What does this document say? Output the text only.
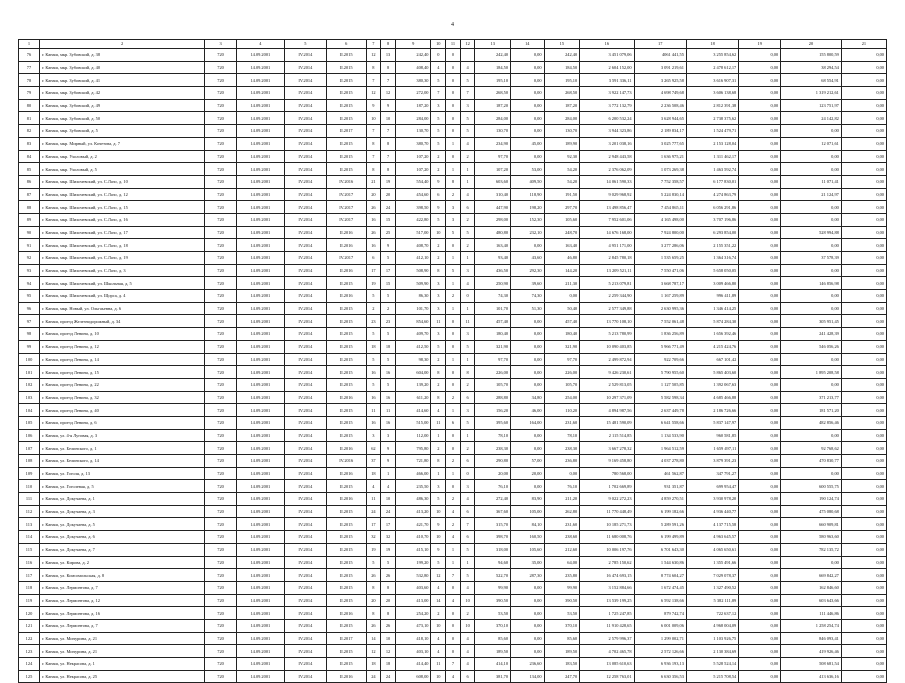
4
1	2	3	4	5	6	7	8	9	10	11	12	13	14	15	16	17	18	19	20	21
76	г. Канаш, мкр. Зубовский, д. 38	720	14.09.2001	IV.2014	II.2015	12	13	242,40	0	0		242,40	0,00	242,40	3 451 079,06	4061 441,55	3 255 854,62	0,00	155 800,59	0,00
77	г. Канаш, мкр. Зубовский, д. 40	720	14.09.2001	IV.2014	II.2015	8	8	408,40	4	0	4	184,50	0,00	184,50	2 604 152,00	3 091 219,61	2 478 612,17	0,00	38 294,54	0,00
78	г. Канаш, мкр. Зубовский, д. 41	720	14.09.2001	IV.2014	II.2015	7	7	380,30	5	0	5	195,10	0,00	195,10	3 591 336,11	3 265 925,58	3 616 907,31	0,00	68 554,91	0,00
79	г. Канаш, мкр. Зубовский, д. 42	720	14.09.2001	IV.2014	II.2015	12	12	272,00	7	0	7	268,50	0,00	268,50	3 922 147,73	4 698 749,68	3 606 138,68	0,00	1 319 212,61	0,00
80	г. Канаш, мкр. Зубовский, д. 49	720	14.09.2001	IV.2014	II.2015	9	9	187,20	3	0	3	187,20	0,00	187,20	3 772 132,79	2 236 508,46	2 812 391,38	0,00	123 751,97	0,00
81	г. Канаш, мкр. Зубовский, д. 50	720	14.09.2001	IV.2014	II.2015	10	10	284,00	5	0	5	284,00	0,00	284,00	6 200 532,24	3 628 944,65	2 738 375,62	0,00	24 142,82	0,00
82	г. Канаш, мкр. Зубовский, д. 5	720	14.09.2001	IV.2014	II.2017	7	7	130,70	5	0	5	130,70	0,00	130,70	3 944 323,86	2 189 834,17	1 524 479,71	0,00	0,00	0,00
83	г. Канаш, мкр. Мирный, ул. Кочетова, д. 7	720	14.09.2001	IV.2014	II.2015	8	8	380,70	5	1	4	234,90	45,00	189,90	3 201 038,16	3 025 777,65	2 153 128,04	0,00	12 071,61	0,00
84	г. Канаш, мкр. Ухоловый, д. 2	720	14.09.2001	IV.2014	II.2015	7	7	107,20	2	0	2	97,70	0,00	92,30	2 948 443,58	1 636 975,21	1 311 462,17	0,00	0,00	0,00
85	г. Канаш, мкр. Ухоловый, д. 5	720	14.09.2001	IV.2014	II.2015	8	8	107,20	2	1	1	107,20	53,00	54,20	2 376 062,09	1 073 269,38	1 463 592,74	0,00	0,00	0,00
86	г. Канаш, мкр. Шихочевский, ул. С.Лазо, д. 10	720	14.09.2001	IV.2014	IV.2016	21	19	554,40	9	8	1	603,60	409,50	54,20	14 061 590,33	7 752 358,57	6 177 830,01	0,00	11 071,41	0,00
87	г. Канаш, мкр. Шихочевский, ул. С.Лазо, д. 12	720	14.09.2001	IV.2014	IV.2017	20	20	454,60	6	2	4	310,40	118,90	191,50	9 029 968,92	5 224 830,14	4 274 863,79	0,00	21 124,97	0,00
88	г. Канаш, мкр. Шихочевский, ул. С.Лазо, д. 15	720	14.09.2001	IV.2014	IV.2017	26	24	398,50	9	3	6	447,90	198,20	297,70	13 498 856,47	7 454 865,11	6 056 291,86	0,00	0,00	0,00
89	г. Канаш, мкр. Шихочевский, ул. С.Лазо, д. 16	720	14.09.2001	IV.2014	IV.2017	16	15	422,80	5	3	2	298,00	152,30	105,60	7 952 601,06	4 165 498,00	3 707 196,86	0,00	0,00	0,00
90	г. Канаш, мкр. Шихочевский, ул. С.Лазо, д. 17	720	14.09.2001	IV.2014	II.2016	26	25	517,00	10	5	5	480,80	232,10	248,70	14 676 168,00	7 924 800,00	6 293 854,00	0,00	528 994,88	0,00
91	г. Канаш, мкр. Шихочевский, ул. С.Лазо, д. 18	720	14.09.2001	IV.2014	II.2016	16	9	408,70	2	0	2	163,40	0,00	163,40	4 951 171,00	3 277 286,06	2 155 351,22	0,00	0,00	0,00
92	г. Канаш, мкр. Шихочевский, ул. С.Лазо, д. 19	720	14.09.2001	IV.2014	IV.2017	6	5	412,10	2	1	1	93,40	43,60	46,80	2 845 780,18	1 535 659,25	1 364 316,74	0,00	37 578,39	0,00
93	г. Канаш, мкр. Шихочевский, ул. С.Лазо, д. 3	720	14.09.2001	IV.2014	II.2016	17	17	508,90	8	5	3	436,50	292,30	144,20	13 209 521,11	7 550 471,06	5 658 050,05	0,00	0,00	0,00
94	г. Канаш, мкр. Шихочевский, ул. Школьная, д. 5	720	14.09.2001	IV.2014	II.2015	19	15	509,90	3	1	4	250,90	39,60	211,30	5 213 079,81	3 668 787,17	3 009 466,80	0,00	146 856,98	0,00
95	г. Канаш, мкр. Шихочевский, ул. Щорса, д. 4	720	14.09.2001	IV.2014	II.2016	5	5	86,30	3	2	0	74,30	74,30	0,00	2 259 344,90	1 167 259,89	996 411,89	0,00	0,00	0,00
96	г. Канаш, мкр. Новый, ул. Ольгаьевна, д. 6	720	14.09.2001	IV.2014	II.2015	2	2	101,70	3	1	1	101,70	51,30	50,40	2 577 349,88	2 630 995,36	1 346 414,25	0,00	0,00	0,00
97	г. Канаш, проезд Железнодорожный, д. 34	720	14.09.2001	IV.2014	II.2015	23	23	854,60	11	0	11	457,40	0,00	457,40	13 770 108,10	7 552 061,48	5 874 284,30	0,00	305 951,45	0,00
98	г. Канаш, проезд Ленина, д. 10	720	14.09.2001	IV.2014	II.2015	5	5	409,70	3	0	3	180,40	0,00	180,40	5 213 780,99	1 836 256,89	1 656 392,46	0,00	241 428,39	0,00
99	г. Канаш, проезд Ленина, д. 12	720	14.09.2001	IV.2014	II.2015	18	18	412,50	5	0	5	321,90	0,00	321,90	10 090 403,85	5 966 771,49	4 215 424,76	0,00	546 056,26	0,00
100	г. Канаш, проезд Ленина, д. 14	720	14.09.2001	IV.2014	II.2015	5	5	98,30	2	1	1	97,70	0,00	97,70	2 499 872,94	922 709,66	667 101,42	0,00	0,00	0,00
101	г. Канаш, проезд Ленина, д. 15	720	14.09.2001	IV.2014	II.2015	16	16	604,00	8	0	8	226,00	0,00	226,00	9 426 230,61	5 790 955,60	5 865 403,60	0,00	1 895 208,58	0,00
102	г. Канаш, проезд Ленина, д. 22	720	14.09.2001	IV.2014	II.2015	5	5	139,20	2	0	2	105,70	0,00	105,70	2 529 813,05	1 127 505,85	1 392 067,63	0,00	0,00	0,00
103	г. Канаш, проезд Ленина, д. 32	720	14.09.2001	IV.2014	II.2016	16	16	611,20	8	2	6	288,80	34,80	254,00	10 297 371,09	5 582 598,34	4 685 466,88	0,00	371 213,77	0,00
104	г. Канаш, проезд Ленина, д. 40	720	14.09.2001	IV.2014	II.2015	11	11	414,60	4	1	3	156,20	46,00	110,20	4 894 987,56	2 637 449,78	2 186 726,66	0,00	181 571,20	0,00
105	г. Канаш, проезд Ленина, д. 6	720	14.09.2001	IV.2014	II.2015	16	16	515,00	11	6	5	395,60	164,00	231,60	15 481 590,09	6 641 558,66	5 837 147,97	0,00	482 856,46	0,00
106	г. Канаш, ул. 4-я Луговая, д. 3	720	14.09.2001	IV.2014	II.2015	3	3	112,00	1	0	1	78,10	0,00	78,10	2 115 514,85	1 134 533,90	960 581,85	0,00	0,00	0,00
107	г. Канаш, ул. Белинского, д. 1	720	14.09.2001	IV.2014	II.2016	62	9	795,80	2	0	2	238,30	0,00	238,30	3 667 278,32	1 964 512,59	1 659 497,11	0,00	92 768,62	0,00
108	г. Канаш, ул. Белинского, д. 14	720	14.09.2001	IV.2014	IV.2016	37	9	721,80	8	2	6	290,80	57,00	236,80	9 169 458,80	4 037 278,80	3 879 391,23	0,00	470 830,77	0,00
109	г. Канаш, ул. Гоголя, д. 13	720	14.09.2001	IV.2014	II.2016	18	1	466,00	1	1	0	20,00	20,00	0,00	780 568,00	461 562,87	347 791,27	0,00	0,00	0,00
110	г. Канаш, ул. Гоголевая, д. 5	720	14.09.2001	IV.2014	II.2015	4	4	235,50	3	0	3	76,10	0,00	76,10	1 702 669,89	931 351,87	699 954,47	0,00	600 555,75	0,00
111	г. Канаш, ул. Докучаева, д. 1	720	14.09.2001	IV.2014	II.2016	11	10	486,30	5	2	4	272,40	83,90	211,20	9 022 272,23	4 859 270,51	3 930 978,20	0,00	190 124,74	0,00
112	г. Канаш, ул. Докучаева, д. 3	720	14.09.2001	IV.2014	II.2015	24	24	413,20	10	4	6	367,60	105,00	262,80	11 770 448,49	6 199 182,66	4 936 440,77	0,00	475 080,68	0,00
113	г. Канаш, ул. Докучаева, д. 5	720	14.09.2001	IV.2014	II.2015	17	17	421,70	9	2	7	315,70	84,10	231,60	10 185 271,73	5 289 591,26	4 137 715,58	0,00	660 909,81	0,00
114	г. Канаш, ул. Докучаева, д. 6	720	14.09.2001	IV.2014	II.2015	32	32	410,70	10	4	6	398,70	160,50	238,60	11 680 008,76	6 199 499,89	4 963 645,57	0,00	580 963,60	0,00
115	г. Канаш, ул. Докучаева, д. 7	720	14.09.2001	IV.2014	II.2015	19	19	415,10	9	1	5	318,00	105,60	212,60	10 006 197,76	6 701 643,30	4 065 650,61	0,00	782 135,72	0,00
116	г. Канаш, ул. Кирова, д. 2	720	14.09.2001	IV.2014	II.2015	5	5	199,20	5	1	1	94,60	35,00	64,00	2 785 150,62	1 544 630,86	1 355 491,66	0,00	0,00	0,00
117	г. Канаш, ул. Комсомольская, д. 8	720	14.09.2001	IV.2014	II.2015	26	26	532,80	12	7	5	522,70	287,30	235,80	16 474 693,15	8 774 604,27	7 029 078,37	0,00	669 842,27	0,00
118	г. Канаш, ул. Лермонтова, д. 7	720	14.09.2001	IV.2014	II.2015	8	8	403,60	4	0	4	99,90	0,00	99,90	3 152 884,66	1 672 474,45	1 327 490,52	0,00	162 846,60	0,00
119	г. Канаш, ул. Лермонтова, д. 12	720	14.09.2001	IV.2014	II.2015	20	20	413,00	14	4	10	390,50	0,00	390,50	13 539 199,25	6 592 138,66	5 382 111,89	0,00	603 643,66	0,00
120	г. Канаш, ул. Лермонтова, д. 16	720	14.09.2001	IV.2014	II.2016	8	8	254,20	2	0	2	53,50	0,00	53,50	1 725 247,85	879 742,74	722 637,12	0,00	111 446,86	0,00
121	г. Канаш, ул. Лермонтова, д. 7	720	14.09.2001	IV.2014	II.2015	26	26	473,10	10	0	10	370,10	0,00	370,10	11 910 428,65	6 001 009,06	4 968 004,09	0,00	1 258 254,74	0,00
122	г. Канаш, ул. Мичурина, д. 21	720	14.09.2001	IV.2014	II.2017	14	10	418,10	4	0	4	85,60	0,00	85,60	2 579 996,37	1 299 002,71	1 103 926,75	0,00	846 093,41	0,00
123	г. Канаш, ул. Мичурина, д. 21	720	14.09.2001	IV.2014	II.2015	12	12	403,10	4	0	4	189,50	0,00	189,50	4 702 465,78	2 572 126,66	2 130 384,69	0,00	419 926,46	0,00
124	г. Канаш, ул. Некрасова, д. 1	720	14.09.2001	IV.2014	II.2015	18	18	414,40	11	7	4	414,10	236,60	183,50	13 085 610,63	6 936 193,13	5 528 524,14	0,00	508 681,54	0,00
125	г. Канаш, ул. Некрасова, д. 25	720	14.09.2001	IV.2014	II.2016	24	24	608,00	10	4	6	381,70	134,00	247,70	12 258 763,01	6 630 356,53	5 215 708,54	0,00	413 636,16	0,00
